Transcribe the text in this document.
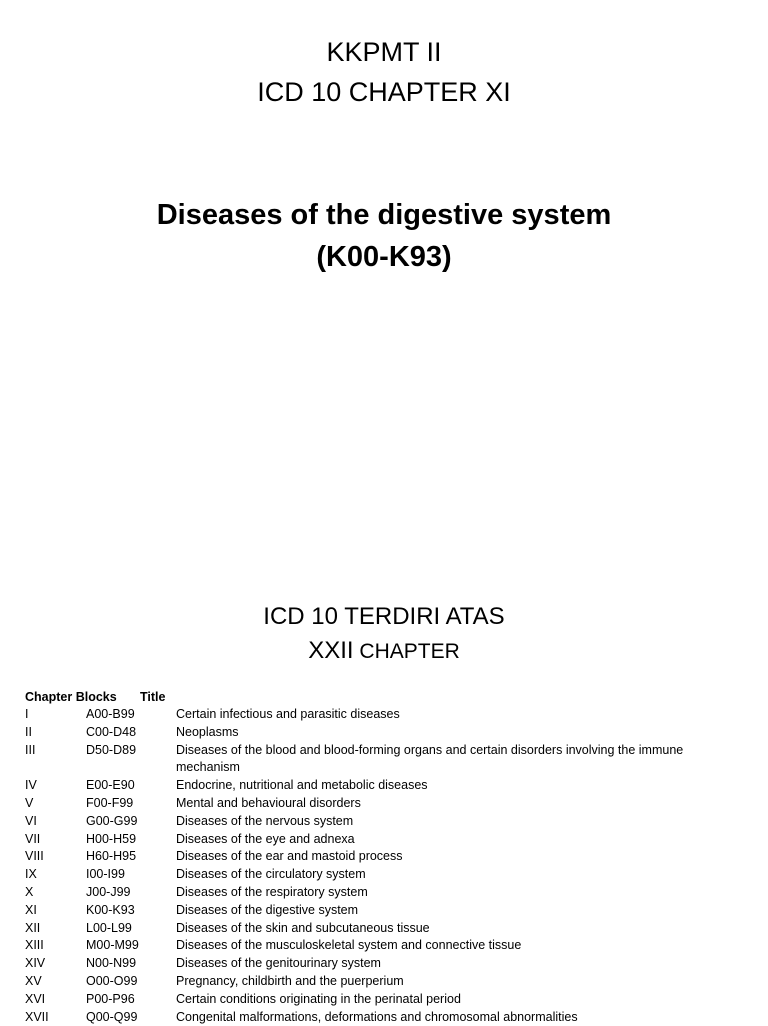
KKPMT II
ICD 10 CHAPTER XI
Diseases of the digestive system
(K00-K93)
ICD 10 TERDIRI ATAS
XXII CHAPTER
Chapter Blocks Title
I	A00-B99	Certain infectious and parasitic diseases
II	C00-D48	Neoplasms
III	D50-D89	Diseases of the blood and blood-forming organs and certain disorders involving the immune mechanism
IV	E00-E90	Endocrine, nutritional and metabolic diseases
V	F00-F99	Mental and behavioural disorders
VI	G00-G99	Diseases of the nervous system
VII	H00-H59	Diseases of the eye and adnexa
VIII	H60-H95	Diseases of the ear and mastoid process
IX	I00-I99	Diseases of the circulatory system
X	J00-J99	Diseases of the respiratory system
XI	K00-K93	Diseases of the digestive system
XII	L00-L99	Diseases of the skin and subcutaneous tissue
XIII	M00-M99	Diseases of the musculoskeletal system and connective tissue
XIV	N00-N99	Diseases of the genitourinary system
XV	O00-O99	Pregnancy, childbirth and the puerperium
XVI	P00-P96	Certain conditions originating in the perinatal period
XVII	Q00-Q99	Congenital malformations, deformations and chromosomal abnormalities
